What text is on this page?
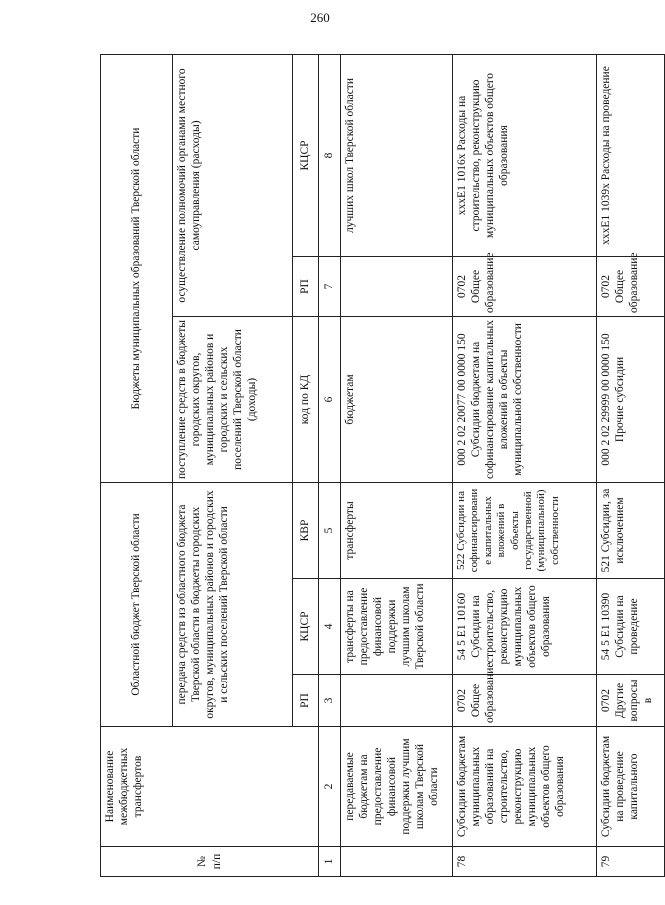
260
№ п/п	Наименование межбюджетных трансфертов	Областной бюджет Тверской области			Бюджеты муниципальных образований Тверской области		
		передача средств из областного бюджета Тверской области в бюджеты городских округов, муниципальных районов и городских и сельских поселений Тверской области			поступление средств в бюджеты городских округов, муниципальных районов и городских и сельских поселений Тверской области (доходы)	осуществление полномочий органами местного самоуправления (расходы)	
		РП	КЦСР	КВР	код по КД	РП	КЦСР
1	2	3	4	5	6	7	8
	передаваемые бюджетам на предоставление финансовой поддержки лучшим школам Тверской области		трансферты на предоставление финансовой поддержки лучшим школам Тверской области	трансферты	бюджетам		лучших школ Тверской области
78	Субсидии бюджетам муниципальных образований на строительство, реконструкцию муниципальных объектов общего образования	0702 Общее образование	54 5 E1 10160 Субсидии на строительство, реконструкцию муниципальных объектов общего образования	522 Субсидии на софинансировани е капитальных вложений в объекты государственной (муниципальной) собственности	000 2 02 20077 00 0000 150 Субсидии бюджетам на софинансирование капитальных вложений в объекты муниципальной собственности	0702 Общее образование	xxxE1 1016x Расходы на строительство, реконструкцию муниципальных объектов общего образования
79	Субсидии бюджетам на проведение капитального	0702 Другие вопросы в	54 5 E1 10390 Субсидии на проведение	521 Субсидии, за исключением	000 2 02 29999 00 0000 150 Прочие субсидии	0702 Общее образование	xxxE1 1039x Расходы на проведение
